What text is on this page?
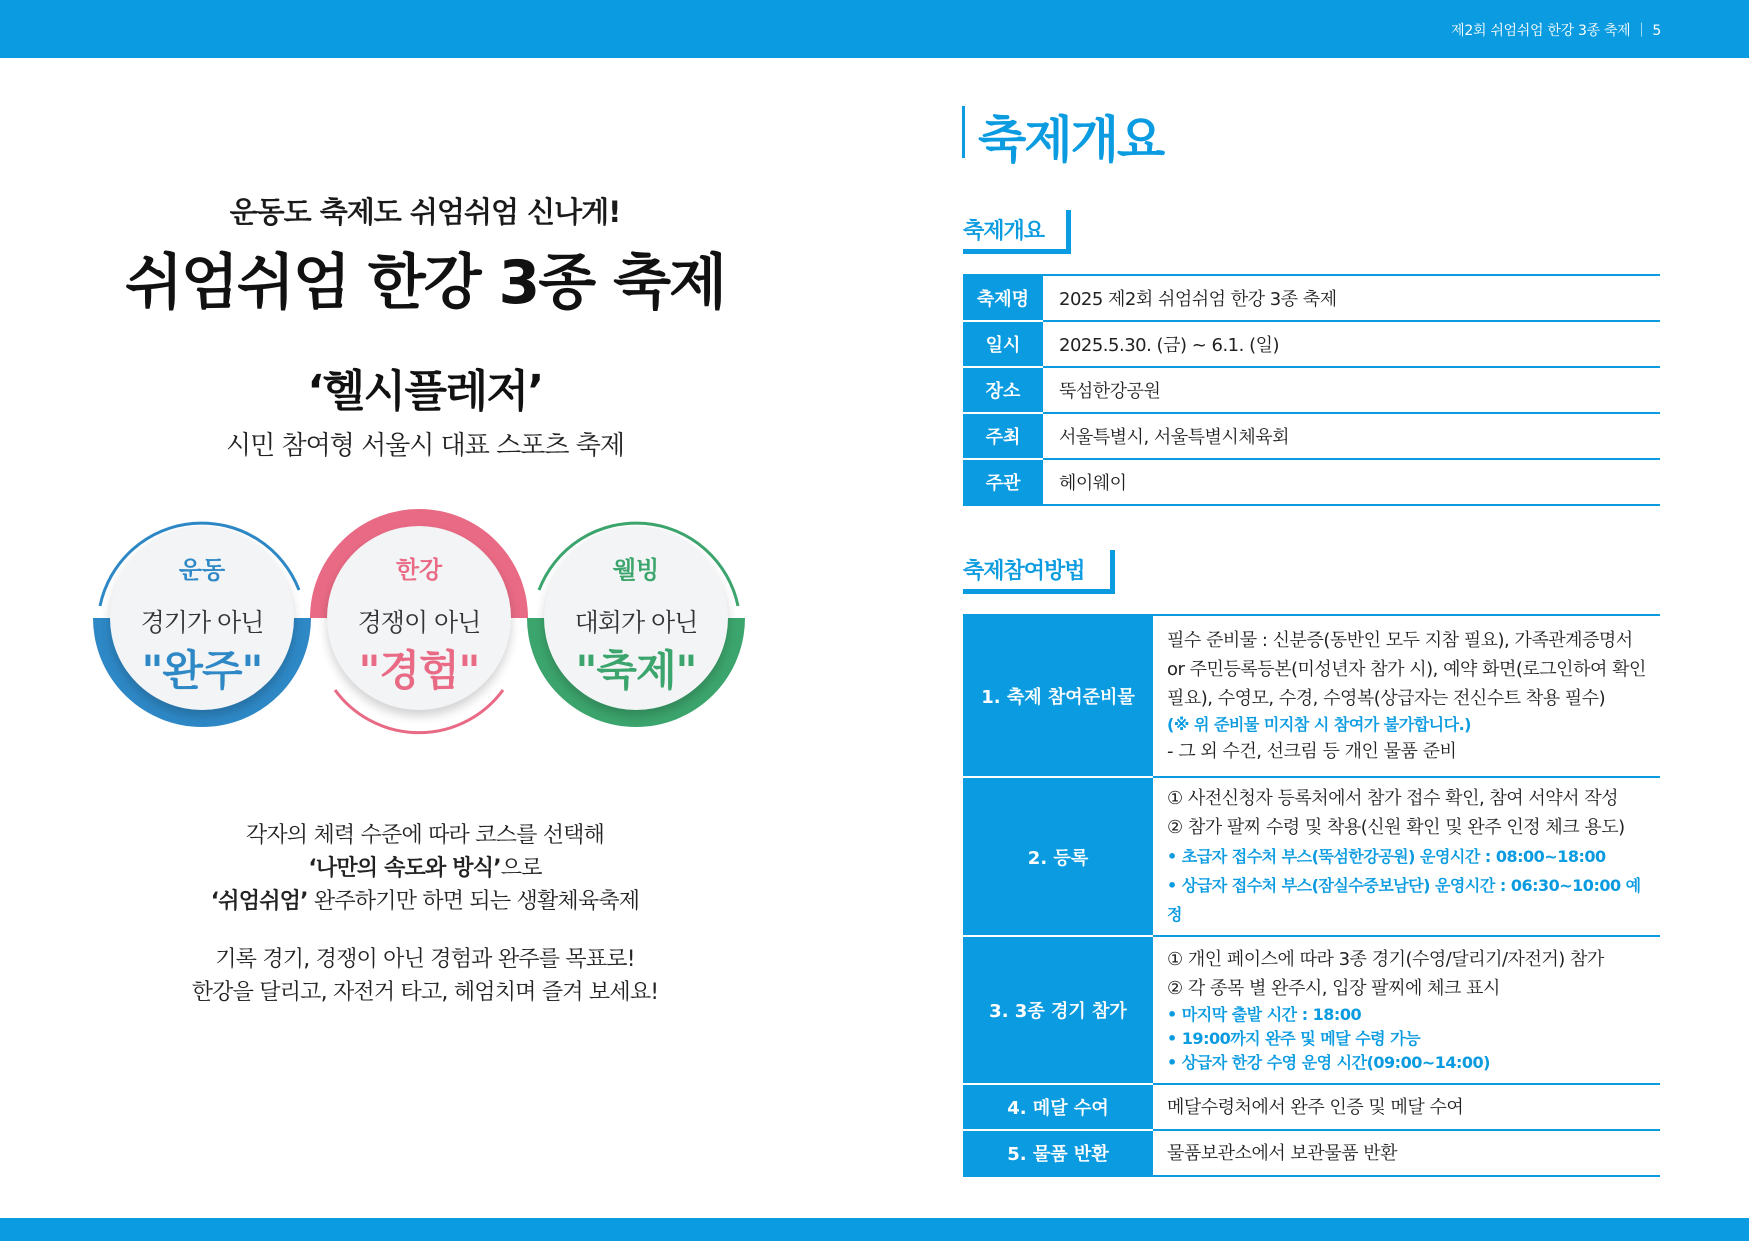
제2회 쉬엄쉬엄 한강 3종 축제 ｜ 5
운동도 축제도 쉬엄쉬엄 신나게!
쉬엄쉬엄 한강 3종 축제
‘헬시플레저’
시민 참여형 서울시 대표 스포츠 축제
운동
경기가 아닌
"완주"
한강
경쟁이 아닌
"경험"
웰빙
대회가 아닌
"축제"
각자의 체력 수준에 따라 코스를 선택해
‘나만의 속도와 방식’으로
‘쉬엄쉬엄’ 완주하기만 하면 되는 생활체육축제
기록 경기, 경쟁이 아닌 경험과 완주를 목표로!
한강을 달리고, 자전거 타고, 헤엄치며 즐겨 보세요!
축제개요
축제개요
축제명	2025 제2회 쉬엄쉬엄 한강 3종 축제
일시	2025.5.30. (금) ~ 6.1. (일)
장소	뚝섬한강공원
주최	서울특별시, 서울특별시체육회
주관	헤이웨이
축제참여방법
1. 축제 참여준비물	필수 준비물 : 신분증(동반인 모두 지참 필요), 가족관계증명서 or 주민등록등본(미성년자 참가 시), 예약 화면(로그인하여 확인 필요), 수영모, 수경, 수영복(상급자는 전신수트 착용 필수)
(※ 위 준비물 미지참 시 참여가 불가합니다.)
- 그 외 수건, 선크림 등 개인 물품 준비

2. 등록	① 사전신청자 등록처에서 참가 접수 확인, 참여 서약서 작성
② 참가 팔찌 수령 및 착용(신원 확인 및 완주 인정 체크 용도)
• 초급자 접수처 부스(뚝섬한강공원) 운영시간 : 08:00~18:00
• 상급자 접수처 부스(잠실수중보남단) 운영시간 : 06:30~10:00 예정

3. 3종 경기 참가	① 개인 페이스에 따라 3종 경기(수영/달리기/자전거) 참가
② 각 종목 별 완주시, 입장 팔찌에 체크 표시
• 마지막 출발 시간 : 18:00
• 19:00까지 완주 및 메달 수령 가능
• 상급자 한강 수영 운영 시간(09:00~14:00)

4. 메달 수여	메달수령처에서 완주 인증 및 메달 수여
5. 물품 반환	물품보관소에서 보관물품 반환
